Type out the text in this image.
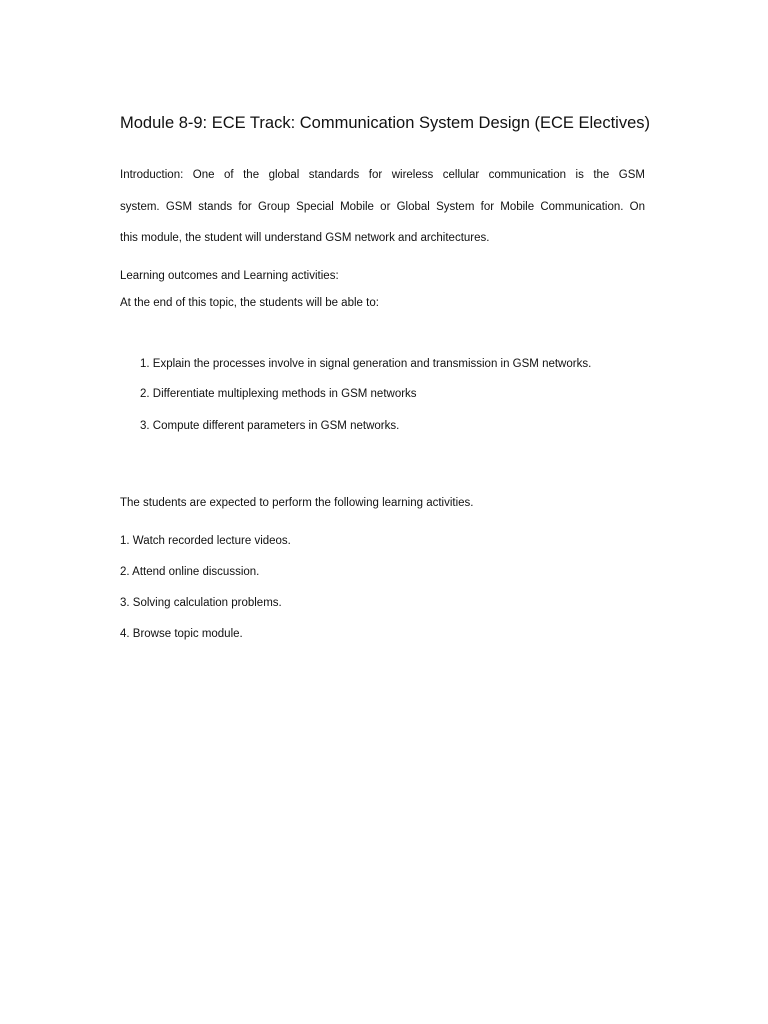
Module 8-9: ECE Track: Communication System Design (ECE Electives)
Introduction: One of the global standards for wireless cellular communication is the GSM
system. GSM stands for Group Special Mobile or Global System for Mobile Communication. On
this module, the student will understand GSM network and architectures.
Learning outcomes and Learning activities:
At the end of this topic, the students will be able to:
1. Explain the processes involve in signal generation and transmission in GSM networks.
2. Differentiate multiplexing methods in GSM networks
3. Compute different parameters in GSM networks.
The students are expected to perform the following learning activities.
1. Watch recorded lecture videos.
2. Attend online discussion.
3. Solving calculation problems.
4. Browse topic module.
